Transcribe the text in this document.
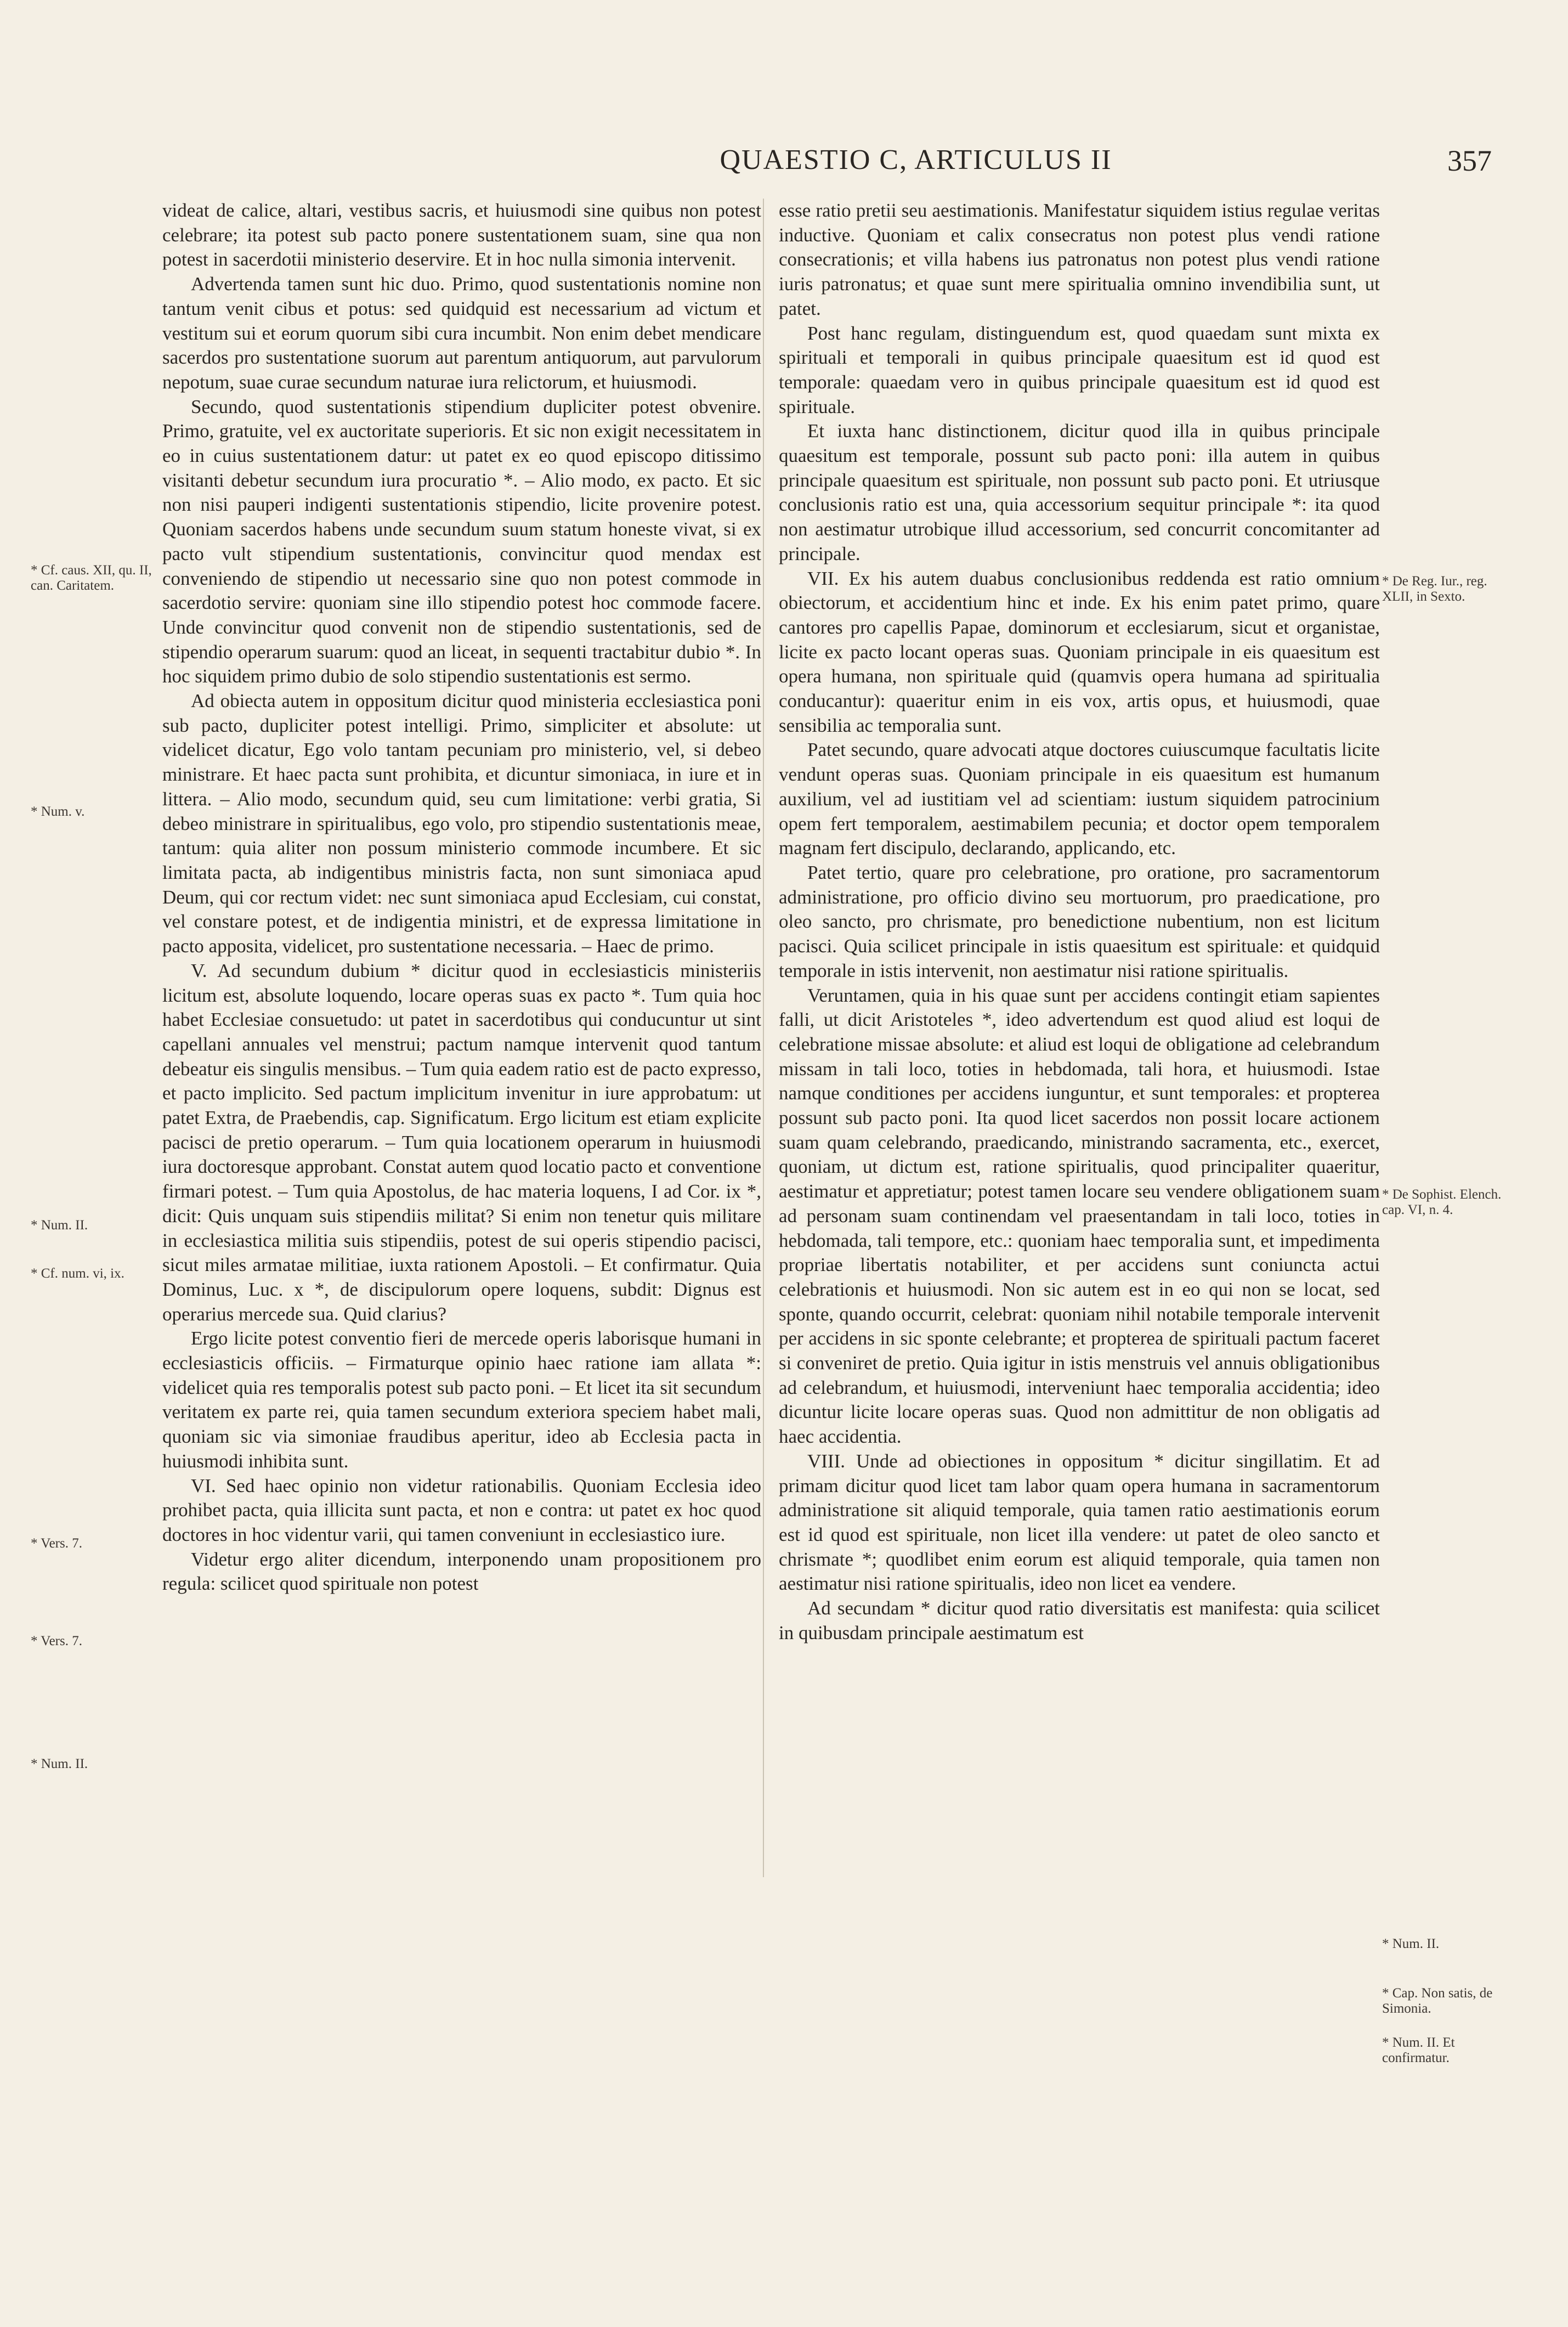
QUAESTIO C, ARTICULUS II	357

videat de calice, altari, vestibus sacris, et huiusmodi sine quibus non potest celebrare; ita potest sub pacto ponere sustentationem suam, sine qua non potest in sacerdotii ministerio deservire. Et in hoc nulla simonia intervenit.

Advertenda tamen sunt hic duo. Primo, quod sustentationis nomine non tantum venit cibus et potus: sed quidquid est necessarium ad victum et vestitum sui et eorum quorum sibi cura incumbit. Non enim debet mendicare sacerdos pro sustentatione suorum aut parentum antiquorum, aut parvulorum nepotum, suae curae secundum naturae iura relictorum, et huiusmodi.

Secundo, quod sustentationis stipendium dupliciter potest obvenire. Primo, gratuite, vel ex auctoritate superioris. Et sic non exigit necessitatem in eo in cuius sustentationem datur: ut patet ex eo quod episcopo ditissimo visitanti debetur secundum iura procuratio *. – Alio modo, ex pacto. Et sic non nisi pauperi indigenti sustentationis stipendio, licite provenire potest. Quoniam sacerdos habens unde secundum suum statum honeste vivat, si ex pacto vult stipendium sustentationis, convincitur quod mendax est conveniendo de stipendio ut necessario sine quo non potest commode in sacerdotio servire: quoniam sine illo stipendio potest hoc commode facere. Unde convincitur quod convenit non de stipendio sustentationis, sed de stipendio operarum suarum: quod an liceat, in sequenti tractabitur dubio *. In hoc siquidem primo dubio de solo stipendio sustentationis est sermo.

Ad obiecta autem in oppositum dicitur quod ministeria ecclesiastica poni sub pacto, dupliciter potest intelligi. Primo, simpliciter et absolute: ut videlicet dicatur, Ego volo tantam pecuniam pro ministerio, vel, si debeo ministrare. Et haec pacta sunt prohibita, et dicuntur simoniaca, in iure et in littera. – Alio modo, secundum quid, seu cum limitatione: verbi gratia, Si debeo ministrare in spiritualibus, ego volo, pro stipendio sustentationis meae, tantum: quia aliter non possum ministerio commode incumbere. Et sic limitata pacta, ab indigentibus ministris facta, non sunt simoniaca apud Deum, qui cor rectum videt: nec sunt simoniaca apud Ecclesiam, cui constat, vel constare potest, et de indigentia ministri, et de expressa limitatione in pacto apposita, videlicet, pro sustentatione necessaria. – Haec de primo.

V. Ad secundum dubium * dicitur quod in ecclesiasticis ministeriis licitum est, absolute loquendo, locare operas suas ex pacto *. Tum quia hoc habet Ecclesiae consuetudo: ut patet in sacerdotibus qui conducuntur ut sint capellani annuales vel menstrui; pactum namque intervenit quod tantum debeatur eis singulis mensibus. – Tum quia eadem ratio est de pacto expresso, et pacto implicito. Sed pactum implicitum invenitur in iure approbatum: ut patet Extra, de Praebendis, cap. Significatum. Ergo licitum est etiam explicite pacisci de pretio operarum. – Tum quia locationem operarum in huiusmodi iura doctoresque approbant. Constat autem quod locatio pacto et conventione firmari potest. – Tum quia Apostolus, de hac materia loquens, I ad Cor. ix *, dicit: Quis unquam suis stipendiis militat? Si enim non tenetur quis militare in ecclesiastica militia suis stipendiis, potest de sui operis stipendio pacisci, sicut miles armatae militiae, iuxta rationem Apostoli. – Et confirmatur. Quia Dominus, Luc. x *, de discipulorum opere loquens, subdit: Dignus est operarius mercede sua. Quid clarius?

Ergo licite potest conventio fieri de mercede operis laborisque humani in ecclesiasticis officiis. – Firmaturque opinio haec ratione iam allata *: videlicet quia res temporalis potest sub pacto poni. – Et licet ita sit secundum veritatem ex parte rei, quia tamen secundum exteriora speciem habet mali, quoniam sic via simoniae fraudibus aperitur, ideo ab Ecclesia pacta in huiusmodi inhibita sunt.

VI. Sed haec opinio non videtur rationabilis. Quoniam Ecclesia ideo prohibet pacta, quia illicita sunt pacta, et non e contra: ut patet ex hoc quod doctores in hoc videntur varii, qui tamen conveniunt in ecclesiastico iure.

Videtur ergo aliter dicendum, interponendo unam propositionem pro regula: scilicet quod spirituale non potest

esse ratio pretii seu aestimationis. Manifestatur siquidem istius regulae veritas inductive. Quoniam et calix consecratus non potest plus vendi ratione consecrationis; et villa habens ius patronatus non potest plus vendi ratione iuris patronatus; et quae sunt mere spiritualia omnino invendibilia sunt, ut patet.

Post hanc regulam, distinguendum est, quod quaedam sunt mixta ex spirituali et temporali in quibus principale quaesitum est id quod est temporale: quaedam vero in quibus principale quaesitum est id quod est spirituale.

Et iuxta hanc distinctionem, dicitur quod illa in quibus principale quaesitum est temporale, possunt sub pacto poni: illa autem in quibus principale quaesitum est spirituale, non possunt sub pacto poni. Et utriusque conclusionis ratio est una, quia accessorium sequitur principale *: ita quod non aestimatur utrobique illud accessorium, sed concurrit concomitanter ad principale.

VII. Ex his autem duabus conclusionibus reddenda est ratio omnium obiectorum, et accidentium hinc et inde. Ex his enim patet primo, quare cantores pro capellis Papae, dominorum et ecclesiarum, sicut et organistae, licite ex pacto locant operas suas. Quoniam principale in eis quaesitum est opera humana, non spirituale quid (quamvis opera humana ad spiritualia conducantur): quaeritur enim in eis vox, artis opus, et huiusmodi, quae sensibilia ac temporalia sunt.

Patet secundo, quare advocati atque doctores cuiuscumque facultatis licite vendunt operas suas. Quoniam principale in eis quaesitum est humanum auxilium, vel ad iustitiam vel ad scientiam: iustum siquidem patrocinium opem fert temporalem, aestimabilem pecunia; et doctor opem temporalem magnam fert discipulo, declarando, applicando, etc.

Patet tertio, quare pro celebratione, pro oratione, pro sacramentorum administratione, pro officio divino seu mortuorum, pro praedicatione, pro oleo sancto, pro chrismate, pro benedictione nubentium, non est licitum pacisci. Quia scilicet principale in istis quaesitum est spirituale: et quidquid temporale in istis intervenit, non aestimatur nisi ratione spiritualis.

Veruntamen, quia in his quae sunt per accidens contingit etiam sapientes falli, ut dicit Aristoteles *, ideo advertendum est quod aliud est loqui de celebratione missae absolute: et aliud est loqui de obligatione ad celebrandum missam in tali loco, toties in hebdomada, tali hora, et huiusmodi. Istae namque conditiones per accidens iunguntur, et sunt temporales: et propterea possunt sub pacto poni. Ita quod licet sacerdos non possit locare actionem suam quam celebrando, praedicando, ministrando sacramenta, etc., exercet, quoniam, ut dictum est, ratione spiritualis, quod principaliter quaeritur, aestimatur et appretiatur; potest tamen locare seu vendere obligationem suam ad personam suam continendam vel praesentandam in tali loco, toties in hebdomada, tali tempore, etc.: quoniam haec temporalia sunt, et impedimenta propriae libertatis notabiliter, et per accidens sunt coniuncta actui celebrationis et huiusmodi. Non sic autem est in eo qui non se locat, sed sponte, quando occurrit, celebrat: quoniam nihil notabile temporale intervenit per accidens in sic sponte celebrante; et propterea de spirituali pactum faceret si conveniret de pretio. Quia igitur in istis menstruis vel annuis obligationibus ad celebrandum, et huiusmodi, interveniunt haec temporalia accidentia; ideo dicuntur licite locare operas suas. Quod non admittitur de non obligatis ad haec accidentia.

VIII. Unde ad obiectiones in oppositum * dicitur singillatim. Et ad primam dicitur quod licet tam labor quam opera humana in sacramentorum administratione sit aliquid temporale, quia tamen ratio aestimationis eorum est id quod est spirituale, non licet illa vendere: ut patet de oleo sancto et chrismate *; quodlibet enim eorum est aliquid temporale, quia tamen non aestimatur nisi ratione spiritualis, ideo non licet ea vendere.

Ad secundam * dicitur quod ratio diversitatis est manifesta: quia scilicet in quibusdam principale aestimatum est

* Cf. caus. XII, qu. II, can. Caritatem.
* Num. v.
* Num. II.
* Cf. num. vi, ix.
* Vers. 7.
* Vers. 7.
* Num. II.
* De Reg. Iur., reg. XLII, in Sexto.
* De Sophist. Elench. cap. VI, n. 4.
* Num. II.
* Cap. Non satis, de Simonia.
* Num. II. Et confirmatur.
